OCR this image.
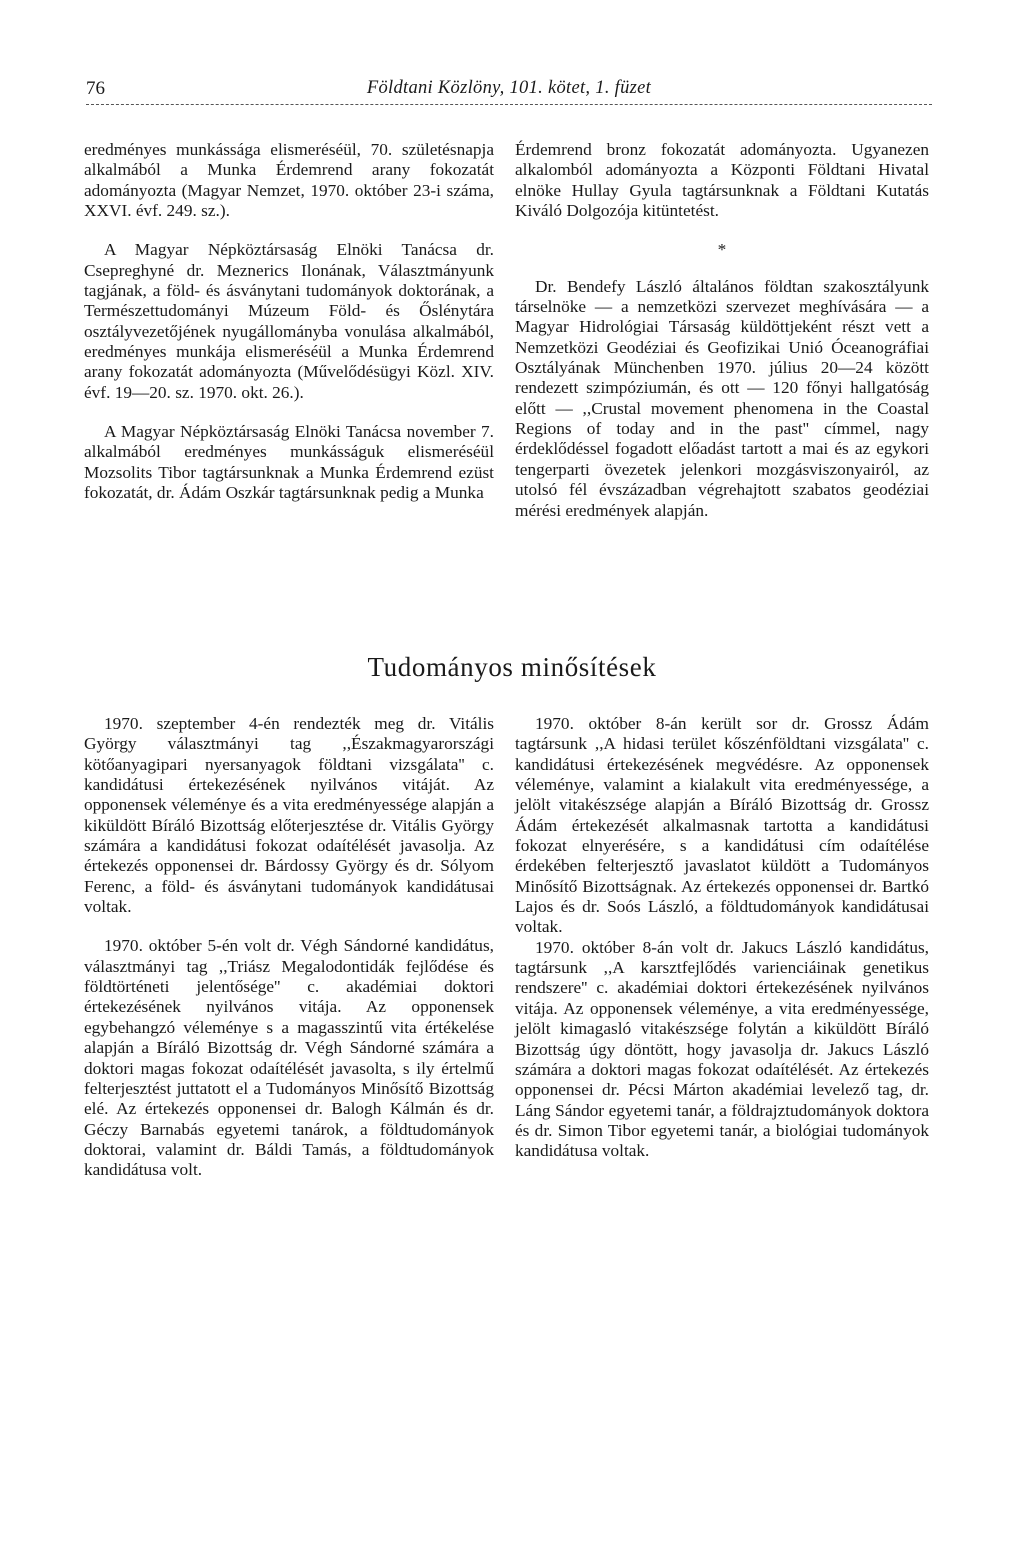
76	Földtani Közlöny, 101. kötet, 1. füzet

eredményes munkássága elismeréséül, 70. születésnapja alkalmából a Munka Érdemrend arany fokozatát adományozta (Magyar Nemzet, 1970. október 23-i száma, XXVI. évf. 249. sz.).

A Magyar Népköztársaság Elnöki Tanácsa dr. Csepreghyné dr. Meznerics Ilonának, Választmányunk tagjának, a föld- és ásványtani tudományok doktorának, a Természettudományi Múzeum Föld- és Őslénytára osztályvezetőjének nyugállományba vonulása alkalmából, eredményes munkája elismeréséül a Munka Érdemrend arany fokozatát adományozta (Művelődésügyi Közl. XIV. évf. 19—20. sz. 1970. okt. 26.).

A Magyar Népköztársaság Elnöki Tanácsa november 7. alkalmából eredményes munkásságuk elismeréséül Mozsolits Tibor tagtársunknak a Munka Érdemrend ezüst fokozatát, dr. Ádám Oszkár tagtársunknak pedig a Munka

Érdemrend bronz fokozatát adományozta. Ugyanezen alkalomból adományozta a Központi Földtani Hivatal elnöke Hullay Gyula tagtársunknak a Földtani Kutatás Kiváló Dolgozója kitüntetést.

*

Dr. Bendefy László általános földtan szakosztályunk társelnöke — a nemzetközi szervezet meghívására — a Magyar Hidrológiai Társaság küldöttjeként részt vett a Nemzetközi Geodéziai és Geofizikai Unió Óceanográfiai Osztályának Münchenben 1970. július 20—24 között rendezett szimpóziumán, és ott — 120 főnyi hallgatóság előtt — ,,Crustal movement phenomena in the Coastal Regions of today and in the past'' címmel, nagy érdeklődéssel fogadott előadást tartott a mai és az egykori tengerparti övezetek jelenkori mozgásviszonyairól, az utolsó fél évszázadban végrehajtott szabatos geodéziai mérési eredmények alapján.

Tudományos minősítések

1970. szeptember 4-én rendezték meg dr. Vitális György választmányi tag ,,Északmagyarországi kötőanyagipari nyersanyagok földtani vizsgálata'' c. kandidátusi értekezésének nyilvános vitáját. Az opponensek véleménye és a vita eredményessége alapján a kiküldött Bíráló Bizottság előterjesztése dr. Vitális György számára a kandidátusi fokozat odaítélését javasolja. Az értekezés opponensei dr. Bárdossy György és dr. Sólyom Ferenc, a föld- és ásványtani tudományok kandidátusai voltak.

1970. október 5-én volt dr. Végh Sándorné kandidátus, választmányi tag ,,Triász Megalodontidák fejlődése és földtörténeti jelentősége'' c. akadémiai doktori értekezésének nyilvános vitája. Az opponensek egybehangzó véleménye s a magasszintű vita értékelése alapján a Bíráló Bizottság dr. Végh Sándorné számára a doktori magas fokozat odaítélését javasolta, s ily értelmű felterjesztést juttatott el a Tudományos Minősítő Bizottság elé. Az értekezés opponensei dr. Balogh Kálmán és dr. Géczy Barnabás egyetemi tanárok, a földtudományok doktorai, valamint dr. Báldi Tamás, a földtudományok kandidátusa volt.

1970. október 8-án került sor dr. Grossz Ádám tagtársunk ,,A hidasi terület kőszénföldtani vizsgálata'' c. kandidátusi értekezésének megvédésre. Az opponensek véleménye, valamint a kialakult vita eredményessége, a jelölt vitakészsége alapján a Bíráló Bizottság dr. Grossz Ádám értekezését alkalmasnak tartotta a kandidátusi fokozat elnyerésére, s a kandidátusi cím odaítélése érdekében felterjesztő javaslatot küldött a Tudományos Minősítő Bizottságnak. Az értekezés opponensei dr. Bartkó Lajos és dr. Soós László, a földtudományok kandidátusai voltak.

1970. október 8-án volt dr. Jakucs László kandidátus, tagtársunk ,,A karsztfejlődés varienciáinak genetikus rendszere'' c. akadémiai doktori értekezésének nyilvános vitája. Az opponensek véleménye, a vita eredményessége, jelölt kimagasló vitakészsége folytán a kiküldött Bíráló Bizottság úgy döntött, hogy javasolja dr. Jakucs László számára a doktori magas fokozat odaítélését. Az értekezés opponensei dr. Pécsi Márton akadémiai levelező tag, dr. Láng Sándor egyetemi tanár, a földrajztudományok doktora és dr. Simon Tibor egyetemi tanár, a biológiai tudományok kandidátusa voltak.
